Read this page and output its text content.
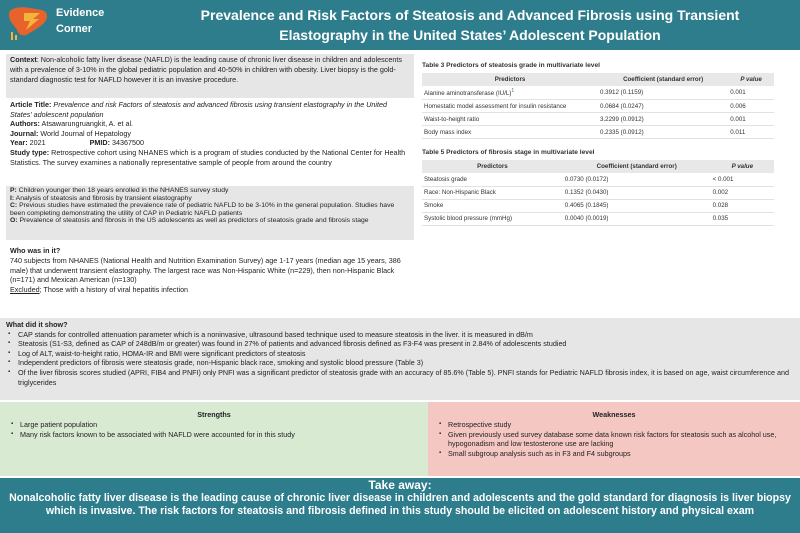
Evidence
Corner
Prevalence and Risk Factors of Steatosis and Advanced Fibrosis using Transient Elastography in the United States’ Adolescent Population
Context: Non-alcoholic fatty liver disease (NAFLD) is the leading cause of chronic liver disease in children and adolescents with a prevalence of 3-10% in the global pediatric population and 40-50% in children with obesity. Liver biopsy is the gold-standard diagnostic test for NAFLD however it is an invasive procedure.
Article Title: Prevalence and risk Factors of steatosis and advanced fibrosis using transient elastography in the United States’ adolescent population
Authors: Atsawarungruangkit, A. et al.
Journal: World Journal of Hepatology
Year: 2021	PMID: 34367500
Study type: Retrospective cohort using NHANES which is a program of studies conducted by the National Center for Health Statistics. The survey examines a nationally representative sample of people from around the country
P: Children younger then 18 years enrolled in the NHANES survey study
I: Analysis of steatosis and fibrosis by transient elastography
C: Previous studies have estimated the prevalence rate of pediatric NAFLD to be 3-10% in the general population. Studies have been completing demonstrating the utility of CAP in Pediatric NAFLD patients
O: Prevalence of steatosis and fibrosis in the US adolescents as well as predictors of steatosis grade and fibrosis stage
Who was in it?
740 subjects from NHANES (National Health and Nutrition Examination Survey) age 1-17 years (median age 15 years, 386 male) that underwent transient elastography. The largest race was Non-Hispanic White (n=229), then non-Hispanic Black (n=171) and Mexican American (n=130)
Excluded; Those with a history of viral hepatitis infection
Table 3 Predictors of steatosis grade in multivariate level
Predictors	Coefficient (standard error)	P value
Alanine aminotransferase $(IU/L)^1$	0.3912 (0.1159)	0.001
Homestatic model assessment for insulin resistance	0.0684 (0.0247)	0.006
Waist-to-height ratio	3.2299 (0.0912)	0.001
Body mass index	0.2335 (0.0912)	0.011
Table 5 Predictors of fibrosis stage in multivariate level
Predictors	Coefficient (standard error)	P value
Steatosis grade	0.0730 (0.0172)	< 0.001
Race: Non-Hispanic Black	0.1352 (0.0430)	0.002
Smoke	0.4065 (0.1845)	0.028
Systolic blood pressure (mmHg)	0.0040 (0.0019)	0.035
What did it show?
▪ CAP stands for controlled attenuation parameter which is a noninvasive, ultrasound based technique used to measure steatosis in the liver. it is measured in dB/m
▪ Steatosis (S1-S3, defined as CAP of 248dB/m or greater) was found in 27% of patients and advanced fibrosis defined as F3-F4 was present in 2.84% of adolescents studied
▪ Log of ALT, waist-to-height ratio, HOMA-IR and BMI were significant predictors of steatosis
▪ Independent predictors of fibrosis were steatosis grade, non-Hispanic black race, smoking and systolic blood pressure (Table 3)
▪ Of the liver fibrosis scores studied (APRI, FIB4 and PNFI) only PNFI was a significant predictor of steatosis grade with an accuracy of 85.6% (Table 5). PNFI stands for Pediatric NAFLD fibrosis index, it is based on age, waist circumference and triglycerides
Strengths
▪ Large patient population
▪ Many risk factors known to be associated with NAFLD were accounted for in this study
Weaknesses
▪ Retrospective study
▪ Given previously used survey database some data known risk factors for steatosis such as alcohol use, hypogonadism and low testosterone use are lacking
▪ Small subgroup analysis such as in F3 and F4 subgroups
Take away:
Nonalcoholic fatty liver disease is the leading cause of chronic liver disease in children and adolescents and the gold standard for diagnosis is liver biopsy which is invasive. The risk factors for steatosis and fibrosis defined in this study should be elicited on adolescent history and physical exam
